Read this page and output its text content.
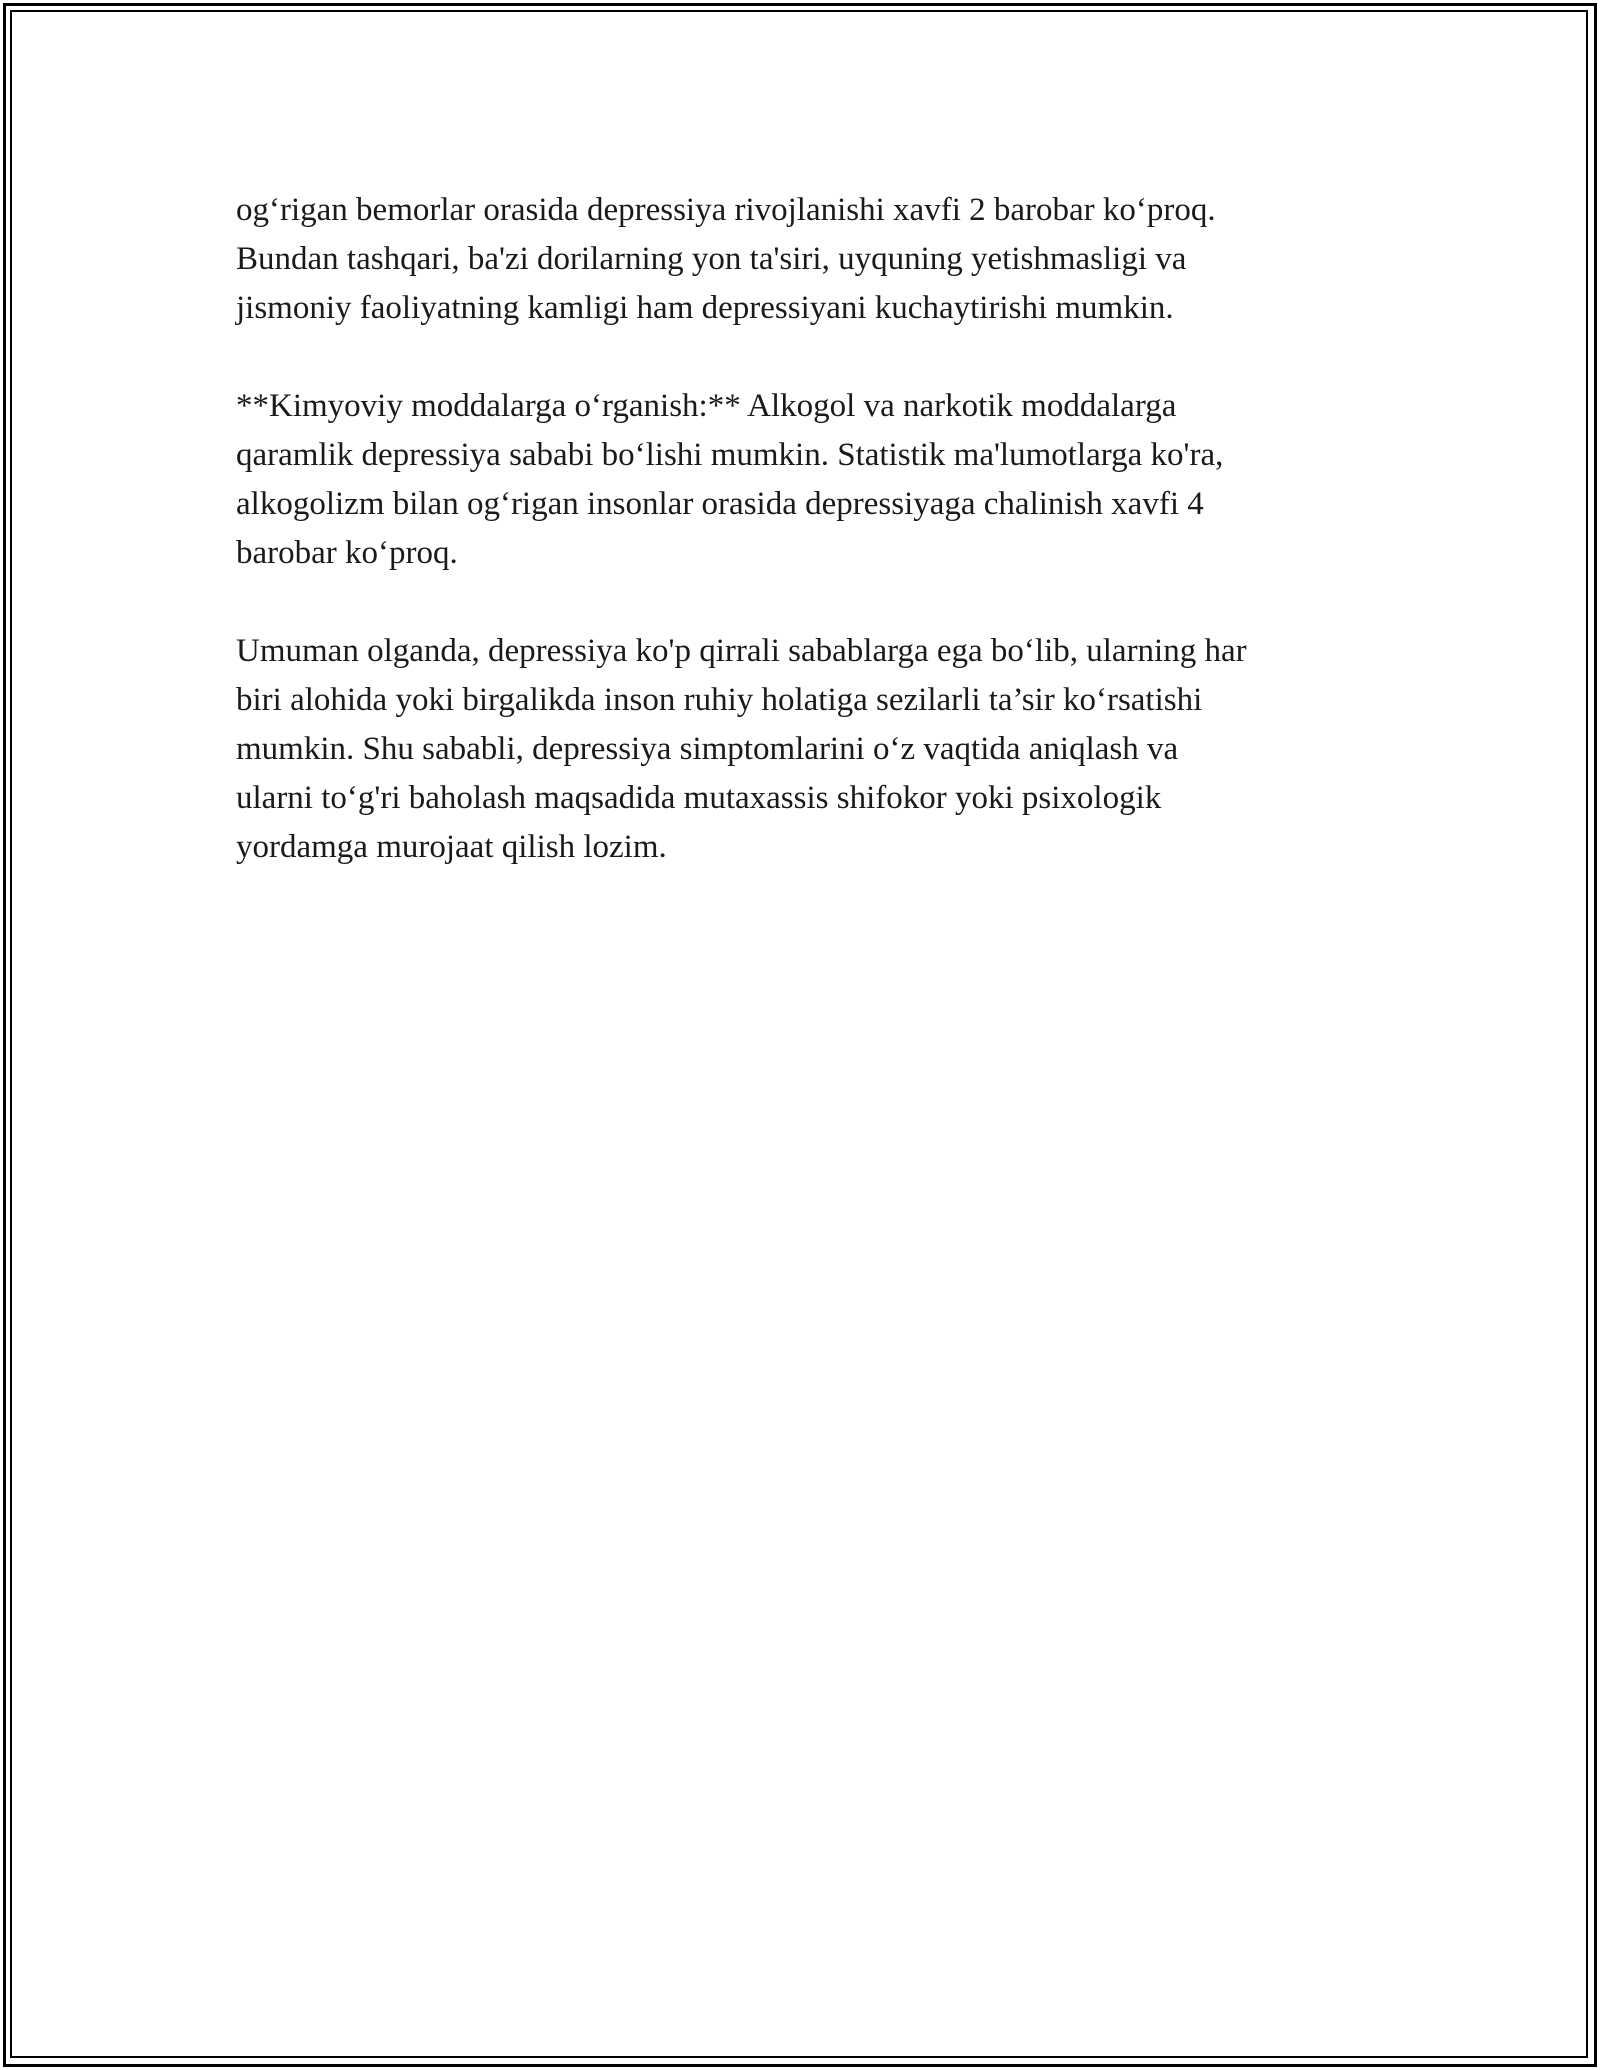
og‘rigan bemorlar orasida depressiya rivojlanishi xavfi 2 barobar ko‘proq.
Bundan tashqari, ba'zi dorilarning yon ta'siri, uyquning yetishmasligi va
jismoniy faoliyatning kamligi ham depressiyani kuchaytirishi mumkin.

**Kimyoviy moddalarga o‘rganish:** Alkogol va narkotik moddalarga
qaramlik depressiya sababi bo‘lishi mumkin. Statistik ma'lumotlarga ko'ra,
alkogolizm bilan og‘rigan insonlar orasida depressiyaga chalinish xavfi 4
barobar ko‘proq.

Umuman olganda, depressiya ko'p qirrali sabablarga ega bo‘lib, ularning har
biri alohida yoki birgalikda inson ruhiy holatiga sezilarli ta’sir ko‘rsatishi
mumkin. Shu sababli, depressiya simptomlarini o‘z vaqtida aniqlash va
ularni to‘g'ri baholash maqsadida mutaxassis shifokor yoki psixologik
yordamga murojaat qilish lozim.
